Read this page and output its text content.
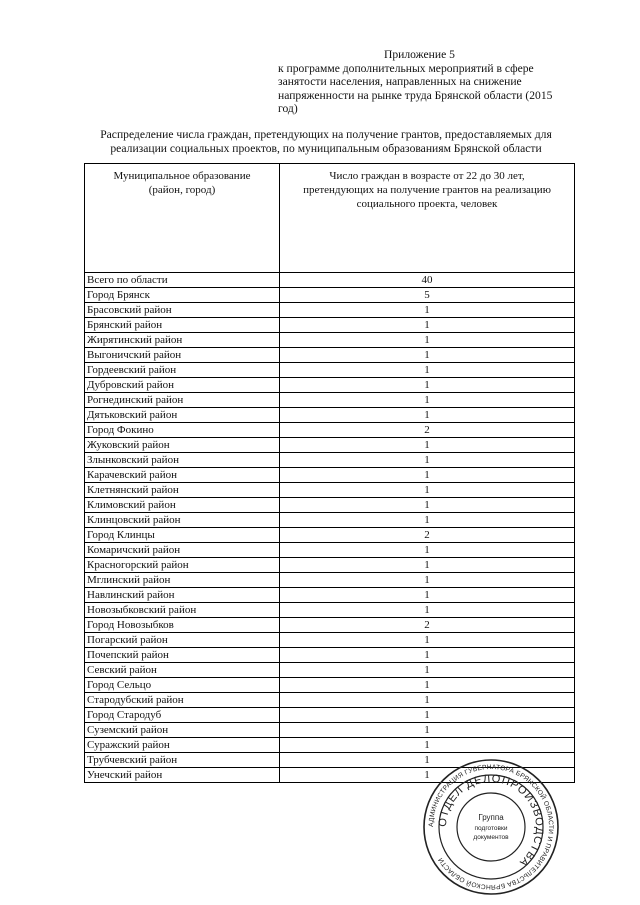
Приложение 5
к программе дополнительных мероприятий в сфере
занятости населения, направленных на снижение
напряженности на рынке труда Брянской области (2015
год)
Распределение числа граждан, претендующих на получение грантов, предоставляемых для
реализации социальных проектов, по муниципальным образованиям Брянской области
Муниципальное образование
(район, город)	Число граждан в возрасте от 22 до 30 лет,
претендующих на получение грантов на реализацию
социального проекта, человек
Всего по области	40
Город Брянск	5
Брасовский район	1
Брянский район	1
Жирятинский район	1
Выгоничский район	1
Гордеевский район	1
Дубровский район	1
Рогнединский район	1
Дятьковский район	1
Город Фокино	2
Жуковский район	1
Злынковский район	1
Карачевский район	1
Клетнянский район	1
Климовский район	1
Клинцовский район	1
Город Клинцы	2
Комаричский район	1
Красногорский район	1
Мглинский район	1
Навлинский район	1
Новозыбковский район	1
Город Новозыбков	2
Погарский район	1
Почепский район	1
Севский район	1
Город Сельцо	1
Стародубский район	1
Город Стародуб	1
Суземский район	1
Суражский район	1
Трубчевский район	1
Унечский район	1
АДМИНИСТРАЦИЯ ГУБЕРНАТОРА БРЯНСКОЙ ОБЛАСТИ И ПРАВИТЕЛЬСТВА БРЯНСКОЙ ОБЛАСТИ
ОТДЕЛ ДЕЛОПРОИЗВОДСТВА
Группа
подготовки
документов
